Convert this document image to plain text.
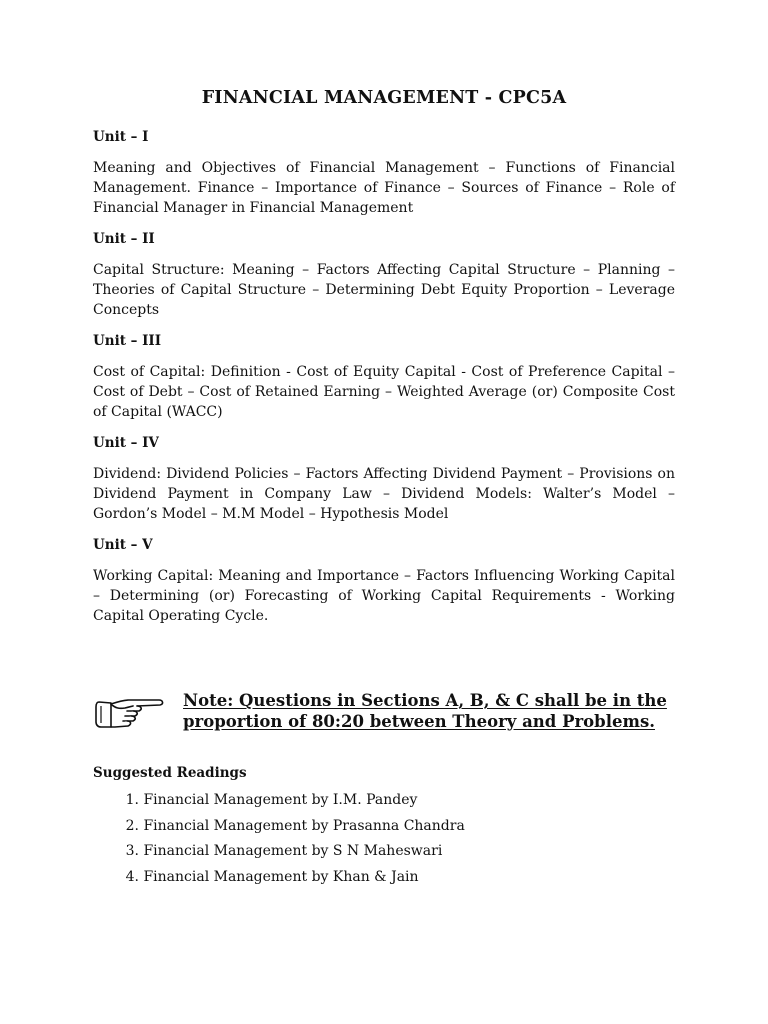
FINANCIAL MANAGEMENT - CPC5A
Unit – I

Meaning and Objectives of Financial Management – Functions of Financial Management. Finance – Importance of Finance – Sources of Finance – Role of Financial Manager in Financial Management

Unit – II

Capital Structure: Meaning – Factors Affecting Capital Structure – Planning – Theories of Capital Structure – Determining Debt Equity Proportion – Leverage Concepts

Unit – III

Cost of Capital: Definition - Cost of Equity Capital - Cost of Preference Capital – Cost of Debt – Cost of Retained Earning – Weighted Average (or) Composite Cost of Capital (WACC)

Unit – IV

Dividend: Dividend Policies – Factors Affecting Dividend Payment – Provisions on Dividend Payment in Company Law – Dividend Models: Walter’s Model – Gordon’s Model – M.M Model – Hypothesis Model

Unit – V

Working Capital: Meaning and Importance – Factors Influencing Working Capital – Determining (or) Forecasting of Working Capital Requirements - Working Capital Operating Cycle.

Note: Questions in Sections A, B, & C shall be in the proportion of 80:20 between Theory and Problems.
Suggested Readings
1.
Financial Management by I.M. Pandey
2.
Financial Management by Prasanna Chandra
3.
Financial Management by S N Maheswari
4.
Financial Management by Khan & Jain
